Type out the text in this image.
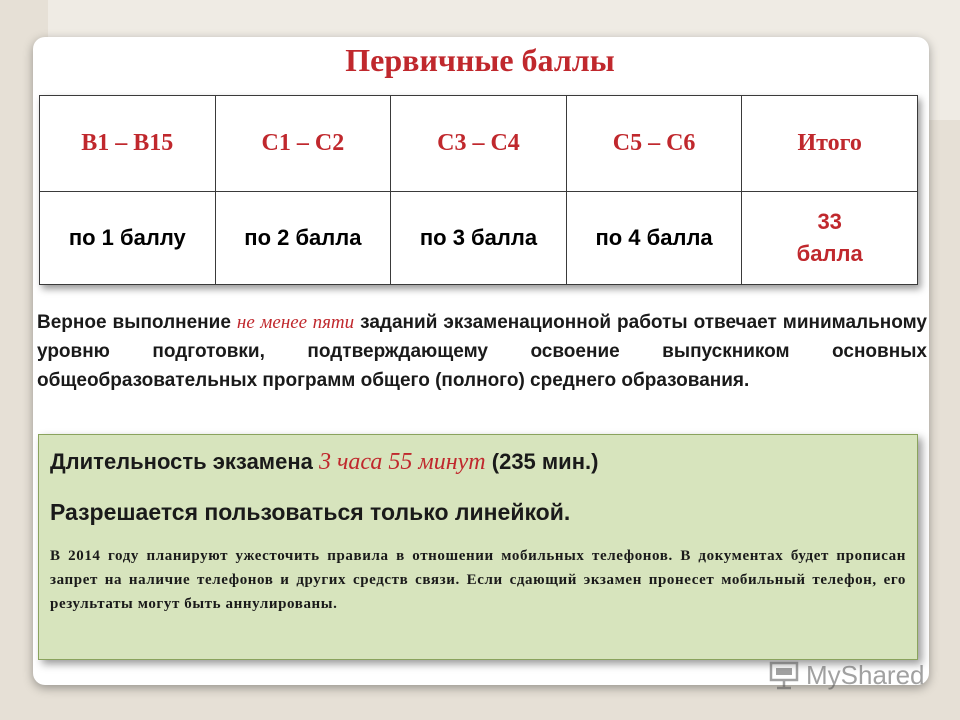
Первичные баллы
B1 – B15	C1 – C2	C3 – C4	C5 – C6	Итого
по 1 баллу	по 2 балла	по 3 балла	по 4 балла	33
балла
Верное выполнение не менее пяти заданий экзаменационной работы отвечает минимальному уровню подготовки, подтверждающему освоение выпускником основных общеобразовательных программ общего (полного) среднего образования.
Длительность экзамена 3 часа 55 минут (235 мин.)
Разрешается пользоваться только линейкой.
В 2014 году планируют ужесточить правила в отношении мобильных телефонов. В документах будет прописан запрет на наличие телефонов и других средств связи. Если сдающий экзамен пронесет мобильный телефон, его результаты могут быть аннулированы.
MyShared
